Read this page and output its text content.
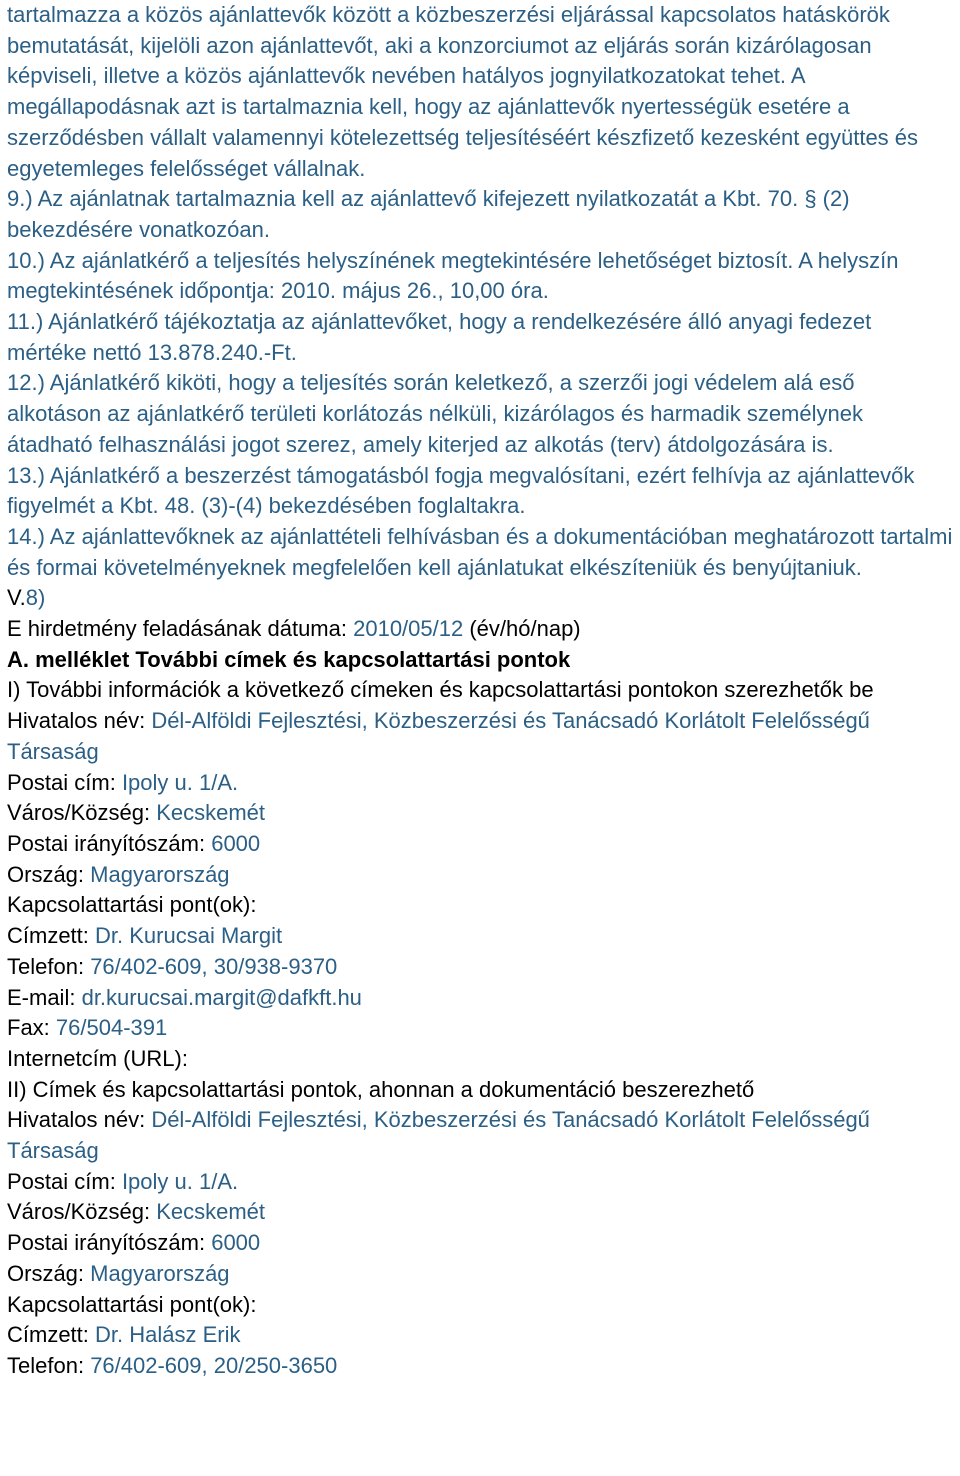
tartalmazza a közös ajánlattevők között a közbeszerzési eljárással kapcsolatos hatáskörök bemutatását, kijelöli azon ajánlattevőt, aki a konzorciumot az eljárás során kizárólagosan képviseli, illetve a közös ajánlattevők nevében hatályos jognyilatkozatokat tehet. A megállapodásnak azt is tartalmaznia kell, hogy az ajánlattevők nyertességük esetére a szerződésben vállalt valamennyi kötelezettség teljesítéséért készfizető kezesként együttes és egyetemleges felelősséget vállalnak.

9.) Az ajánlatnak tartalmaznia kell az ajánlattevő kifejezett nyilatkozatát a Kbt. 70. § (2) bekezdésére vonatkozóan.

10.) Az ajánlatkérő a teljesítés helyszínének megtekintésére lehetőséget biztosít. A helyszín megtekintésének időpontja: 2010. május 26., 10,00 óra.

11.) Ajánlatkérő tájékoztatja az ajánlattevőket, hogy a rendelkezésére álló anyagi fedezet mértéke nettó 13.878.240.-Ft.

12.) Ajánlatkérő kiköti, hogy a teljesítés során keletkező, a szerzői jogi védelem alá eső alkotáson az ajánlatkérő területi korlátozás nélküli, kizárólagos és harmadik személynek átadható felhasználási jogot szerez, amely kiterjed az alkotás (terv) átdolgozására is.

13.) Ajánlatkérő a beszerzést támogatásból fogja megvalósítani, ezért felhívja az ajánlattevők figyelmét a Kbt. 48. (3)-(4) bekezdésében foglaltakra.

14.) Az ajánlattevőknek az ajánlattételi felhívásban és a dokumentációban meghatározott tartalmi és formai követelményeknek megfelelően kell ajánlatukat elkészíteniük és benyújtaniuk.

V.8)

E hirdetmény feladásának dátuma: 2010/05/12 (év/hó/nap)

A. melléklet További címek és kapcsolattartási pontok

I) További információk a következő címeken és kapcsolattartási pontokon szerezhetők be

Hivatalos név: Dél-Alföldi Fejlesztési, Közbeszerzési és Tanácsadó Korlátolt Felelősségű Társaság

Postai cím: Ipoly u. 1/A.

Város/Község: Kecskemét

Postai irányítószám: 6000

Ország: Magyarország

Kapcsolattartási pont(ok):

Címzett: Dr. Kurucsai Margit

Telefon: 76/402-609, 30/938-9370

E-mail: dr.kurucsai.margit@dafkft.hu

Fax: 76/504-391

Internetcím (URL):

II) Címek és kapcsolattartási pontok, ahonnan a dokumentáció beszerezhető

Hivatalos név: Dél-Alföldi Fejlesztési, Közbeszerzési és Tanácsadó Korlátolt Felelősségű Társaság

Postai cím: Ipoly u. 1/A.

Város/Község: Kecskemét

Postai irányítószám: 6000

Ország: Magyarország

Kapcsolattartási pont(ok):

Címzett: Dr. Halász Erik

Telefon: 76/402-609, 20/250-3650
